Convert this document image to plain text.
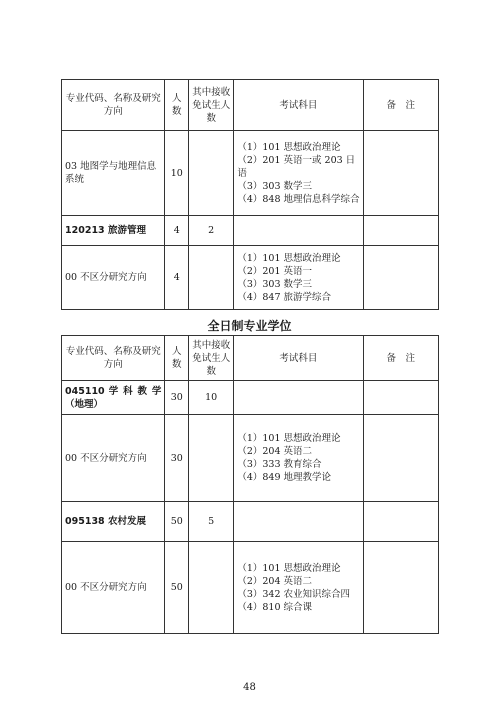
专业代码、名称及研究方向	人数	其中接收免试生人数	考试科目	备　注
03 地图学与地理信息系统	10		（1）101 思想政治理论
（2）201 英语一或 203 日语
（3）303 数学三
（4）848 地理信息科学综合	

120213 旅游管理	4	2		
00 不区分研究方向	4		（1）101 思想政治理论
（2）201 英语一
（3）303 数学三
（4）847 旅游学综合	

全日制专业学位
专业代码、名称及研究方向	人数	其中接收免试生人数	考试科目	备　注
045110 学 科 教 学（地理）	30	10		
00 不区分研究方向	30		（1）101 思想政治理论
（2）204 英语二
（3）333 教育综合
（4）849 地理教学论	

095138 农村发展	50	5		
00 不区分研究方向	50		（1）101 思想政治理论
（2）204 英语二
（3）342 农业知识综合四
（4）810 综合课	

48
